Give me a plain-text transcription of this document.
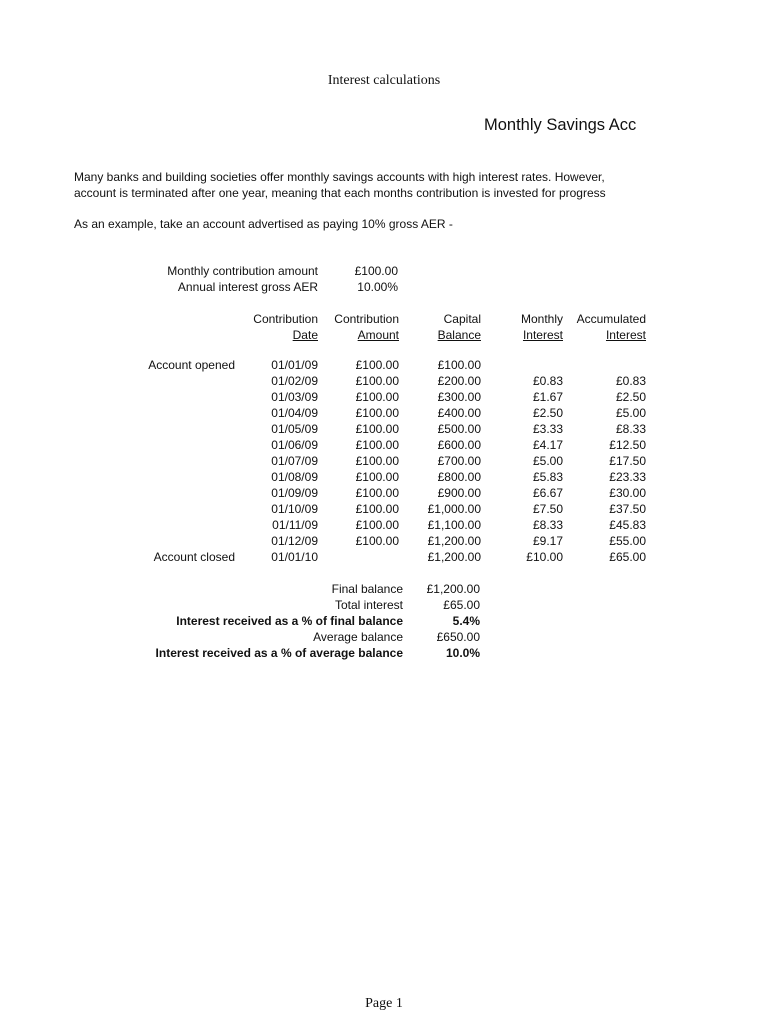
Interest calculations
Monthly Savings Acc
Many banks and building societies offer monthly savings accounts with high interest rates. However,
account is terminated after one year, meaning that each months contribution is invested for progress
As an example, take an account advertised as paying 10% gross AER -
Monthly contribution amount	£100.00	
Annual interest gross AER	10.00%	
	Contribution	Contribution	Capital	Monthly	Accumulated
	Date	Amount	Balance	Interest	Interest

Account opened	01/01/09	£100.00	£100.00		
	01/02/09	£100.00	£200.00	£0.83	£0.83
	01/03/09	£100.00	£300.00	£1.67	£2.50
	01/04/09	£100.00	£400.00	£2.50	£5.00
	01/05/09	£100.00	£500.00	£3.33	£8.33
	01/06/09	£100.00	£600.00	£4.17	£12.50
	01/07/09	£100.00	£700.00	£5.00	£17.50
	01/08/09	£100.00	£800.00	£5.83	£23.33
	01/09/09	£100.00	£900.00	£6.67	£30.00
	01/10/09	£100.00	£1,000.00	£7.50	£37.50
	01/11/09	£100.00	£1,100.00	£8.33	£45.83
	01/12/09	£100.00	£1,200.00	£9.17	£55.00
Account closed	01/01/10		£1,200.00	£10.00	£65.00
Final balance	£1,200.00	
Total interest	£65.00	
Interest received as a % of final balance	5.4%	
Average balance	£650.00	
Interest received as a % of average balance	10.0%	
Page 1
